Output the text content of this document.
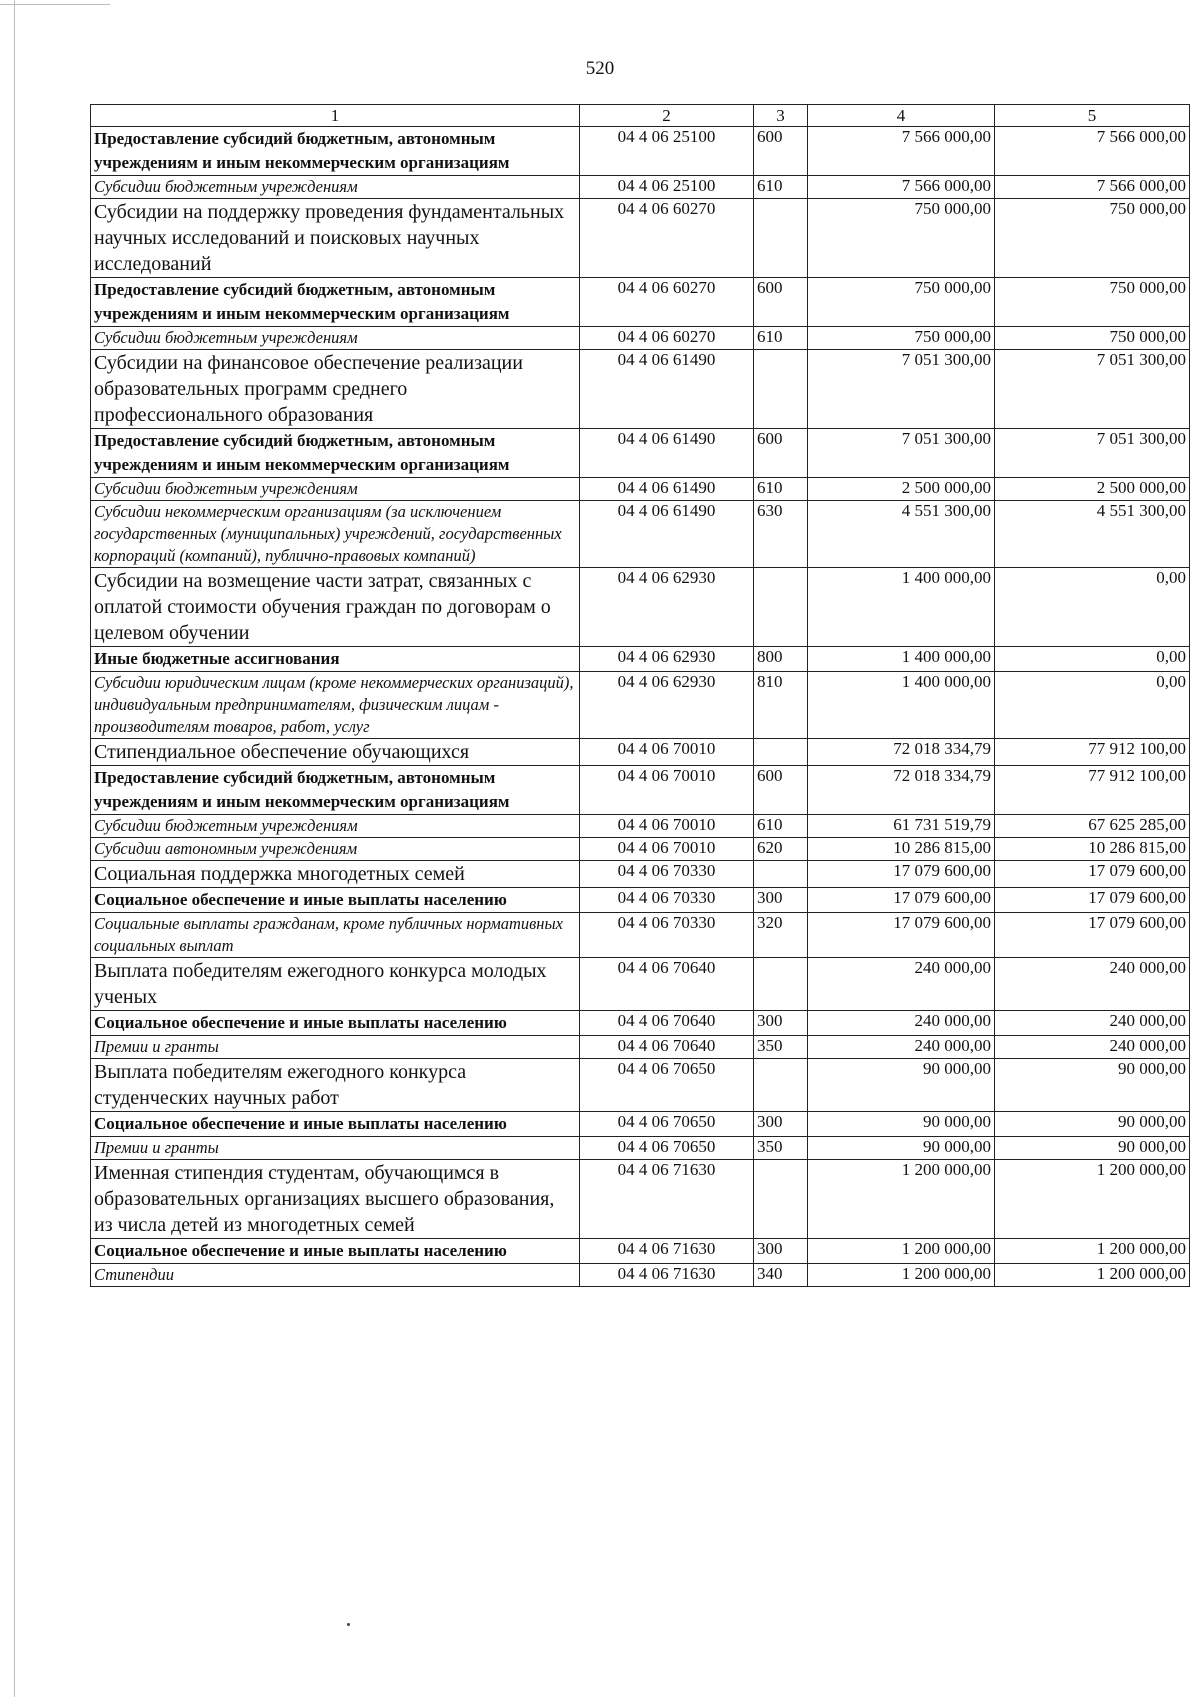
520
1	2	3	4	5
Предоставление субсидий бюджетным, автономным учреждениям и иным некоммерческим организациям	04 4 06 25100	600	7 566 000,00	7 566 000,00
Субсидии бюджетным учреждениям	04 4 06 25100	610	7 566 000,00	7 566 000,00
Субсидии на поддержку проведения фундаментальных научных исследований и поисковых научных исследований	04 4 06 60270		750 000,00	750 000,00
Предоставление субсидий бюджетным, автономным учреждениям и иным некоммерческим организациям	04 4 06 60270	600	750 000,00	750 000,00
Субсидии бюджетным учреждениям	04 4 06 60270	610	750 000,00	750 000,00
Субсидии на финансовое обеспечение реализации образовательных программ среднего профессионального образования	04 4 06 61490		7 051 300,00	7 051 300,00
Предоставление субсидий бюджетным, автономным учреждениям и иным некоммерческим организациям	04 4 06 61490	600	7 051 300,00	7 051 300,00
Субсидии бюджетным учреждениям	04 4 06 61490	610	2 500 000,00	2 500 000,00
Субсидии некоммерческим организациям (за исключением государственных (муниципальных) учреждений, государственных корпораций (компаний), публично-правовых компаний)	04 4 06 61490	630	4 551 300,00	4 551 300,00
Субсидии на возмещение части затрат, связанных с оплатой стоимости обучения граждан по договорам о целевом обучении	04 4 06 62930		1 400 000,00	0,00
Иные бюджетные ассигнования	04 4 06 62930	800	1 400 000,00	0,00
Субсидии юридическим лицам (кроме некоммерческих организаций), индивидуальным предпринимателям, физическим лицам - производителям товаров, работ, услуг	04 4 06 62930	810	1 400 000,00	0,00
Стипендиальное обеспечение обучающихся	04 4 06 70010		72 018 334,79	77 912 100,00
Предоставление субсидий бюджетным, автономным учреждениям и иным некоммерческим организациям	04 4 06 70010	600	72 018 334,79	77 912 100,00
Субсидии бюджетным учреждениям	04 4 06 70010	610	61 731 519,79	67 625 285,00
Субсидии автономным учреждениям	04 4 06 70010	620	10 286 815,00	10 286 815,00
Социальная поддержка многодетных семей	04 4 06 70330		17 079 600,00	17 079 600,00
Социальное обеспечение и иные выплаты населению	04 4 06 70330	300	17 079 600,00	17 079 600,00
Социальные выплаты гражданам, кроме публичных нормативных социальных выплат	04 4 06 70330	320	17 079 600,00	17 079 600,00
Выплата победителям ежегодного конкурса молодых ученых	04 4 06 70640		240 000,00	240 000,00
Социальное обеспечение и иные выплаты населению	04 4 06 70640	300	240 000,00	240 000,00
Премии и гранты	04 4 06 70640	350	240 000,00	240 000,00
Выплата победителям ежегодного конкурса студенческих научных работ	04 4 06 70650		90 000,00	90 000,00
Социальное обеспечение и иные выплаты населению	04 4 06 70650	300	90 000,00	90 000,00
Премии и гранты	04 4 06 70650	350	90 000,00	90 000,00
Именная стипендия студентам, обучающимся в образовательных организациях высшего образования, из числа детей из многодетных семей	04 4 06 71630		1 200 000,00	1 200 000,00
Социальное обеспечение и иные выплаты населению	04 4 06 71630	300	1 200 000,00	1 200 000,00
Стипендии	04 4 06 71630	340	1 200 000,00	1 200 000,00
